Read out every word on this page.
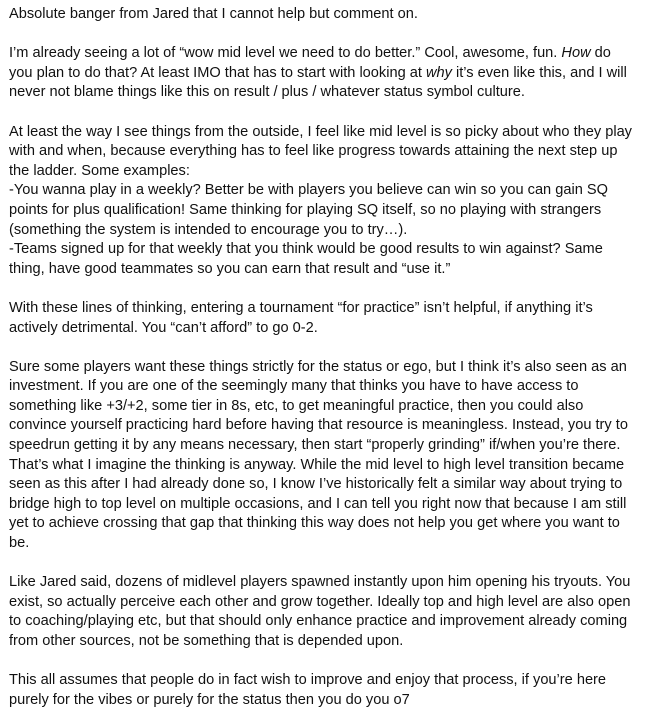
Absolute banger from Jared that I cannot help but comment on.

I’m already seeing a lot of “wow mid level we need to do better.” Cool, awesome, fun. How do you plan to do that? At least IMO that has to start with looking at why it’s even like this, and I will never not blame things like this on result / plus / whatever status symbol culture.

At least the way I see things from the outside, I feel like mid level is so picky about who they play with and when, because everything has to feel like progress towards attaining the next step up the ladder. Some examples:
-You wanna play in a weekly? Better be with players you believe can win so you can gain SQ points for plus qualification! Same thinking for playing SQ itself, so no playing with strangers (something the system is intended to encourage you to try…).
-Teams signed up for that weekly that you think would be good results to win against? Same thing, have good teammates so you can earn that result and “use it.”

With these lines of thinking, entering a tournament “for practice” isn’t helpful, if anything it’s actively detrimental. You “can’t afford” to go 0-2.

Sure some players want these things strictly for the status or ego, but I think it’s also seen as an investment. If you are one of the seemingly many that thinks you have to have access to something like +3/+2, some tier in 8s, etc, to get meaningful practice, then you could also convince yourself practicing hard before having that resource is meaningless. Instead, you try to speedrun getting it by any means necessary, then start “properly grinding” if/when you’re there. That’s what I imagine the thinking is anyway. While the mid level to high level transition became seen as this after I had already done so, I know I’ve historically felt a similar way about trying to bridge high to top level on multiple occasions, and I can tell you right now that because I am still yet to achieve crossing that gap that thinking this way does not help you get where you want to be.

Like Jared said, dozens of midlevel players spawned instantly upon him opening his tryouts. You exist, so actually perceive each other and grow together. Ideally top and high level are also open to coaching/playing etc, but that should only enhance practice and improvement already coming from other sources, not be something that is depended upon.

This all assumes that people do in fact wish to improve and enjoy that process, if you’re here purely for the vibes or purely for the status then you do you o7
